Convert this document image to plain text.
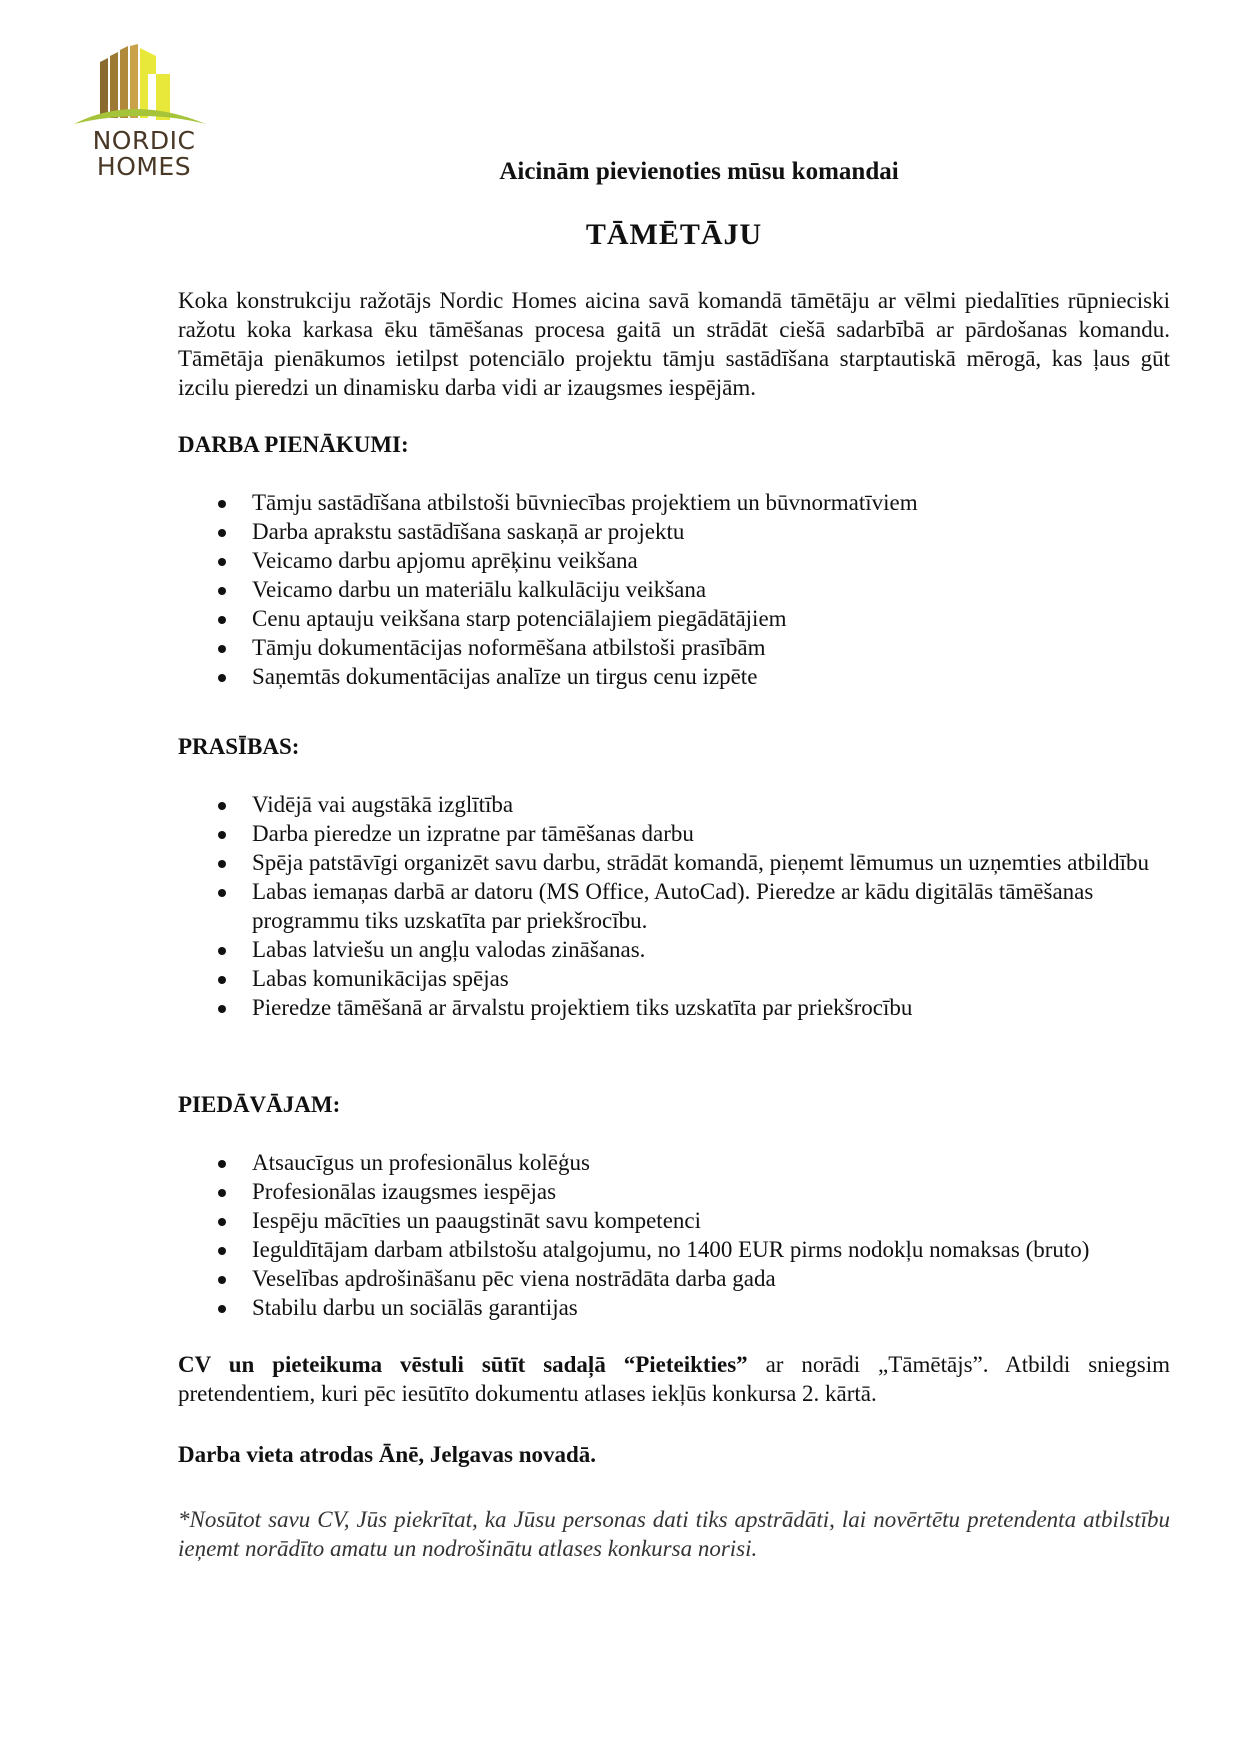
NORDIC
HOMES	Aicinām pievienoties mūsu komandai
TĀMĒTĀJU

Koka konstrukciju ražotājs Nordic Homes aicina savā komandā tāmētāju ar vēlmi piedalīties rūpnieciski ražotu koka karkasa ēku tāmēšanas procesa gaitā un strādāt ciešā sadarbībā ar pārdošanas komandu. Tāmētāja pienākumos ietilpst potenciālo projektu tāmju sastādīšana starptautiskā mērogā, kas ļaus gūt izcilu pieredzi un dinamisku darba vidi ar izaugsmes iespējām.

DARBA PIENĀKUMI:

Tāmju sastādīšana atbilstoši būvniecības projektiem un būvnormatīviem
Darba aprakstu sastādīšana saskaņā ar projektu
Veicamo darbu apjomu aprēķinu veikšana
Veicamo darbu un materiālu kalkulāciju veikšana
Cenu aptauju veikšana starp potenciālajiem piegādātājiem
Tāmju dokumentācijas noformēšana atbilstoši prasībām
Saņemtās dokumentācijas analīze un tirgus cenu izpēte

PRASĪBAS:

Vidējā vai augstākā izglītība
Darba pieredze un izpratne par tāmēšanas darbu
Spēja patstāvīgi organizēt savu darbu, strādāt komandā, pieņemt lēmumus un uzņemties atbildību
Labas iemaņas darbā ar datoru (MS Office, AutoCad). Pieredze ar kādu digitālās tāmēšanas programmu tiks uzskatīta par priekšrocību.
Labas latviešu un angļu valodas zināšanas.
Labas komunikācijas spējas
Pieredze tāmēšanā ar ārvalstu projektiem tiks uzskatīta par priekšrocību

PIEDĀVĀJAM:

Atsaucīgus un profesionālus kolēģus
Profesionālas izaugsmes iespējas
Iespēju mācīties un paaugstināt savu kompetenci
Ieguldītājam darbam atbilstošu atalgojumu, no 1400 EUR pirms nodokļu nomaksas (bruto)
Veselības apdrošināšanu pēc viena nostrādāta darba gada
Stabilu darbu un sociālās garantijas

CV un pieteikuma vēstuli sūtīt sadaļā “Pieteikties” ar norādi „Tāmētājs”. Atbildi sniegsim pretendentiem, kuri pēc iesūtīto dokumentu atlases iekļūs konkursa 2. kārtā.

Darba vieta atrodas Ānē, Jelgavas novadā.

*Nosūtot savu CV, Jūs piekrītat, ka Jūsu personas dati tiks apstrādāti, lai novērtētu pretendenta atbilstību ieņemt norādīto amatu un nodrošinātu atlases konkursa norisi.
